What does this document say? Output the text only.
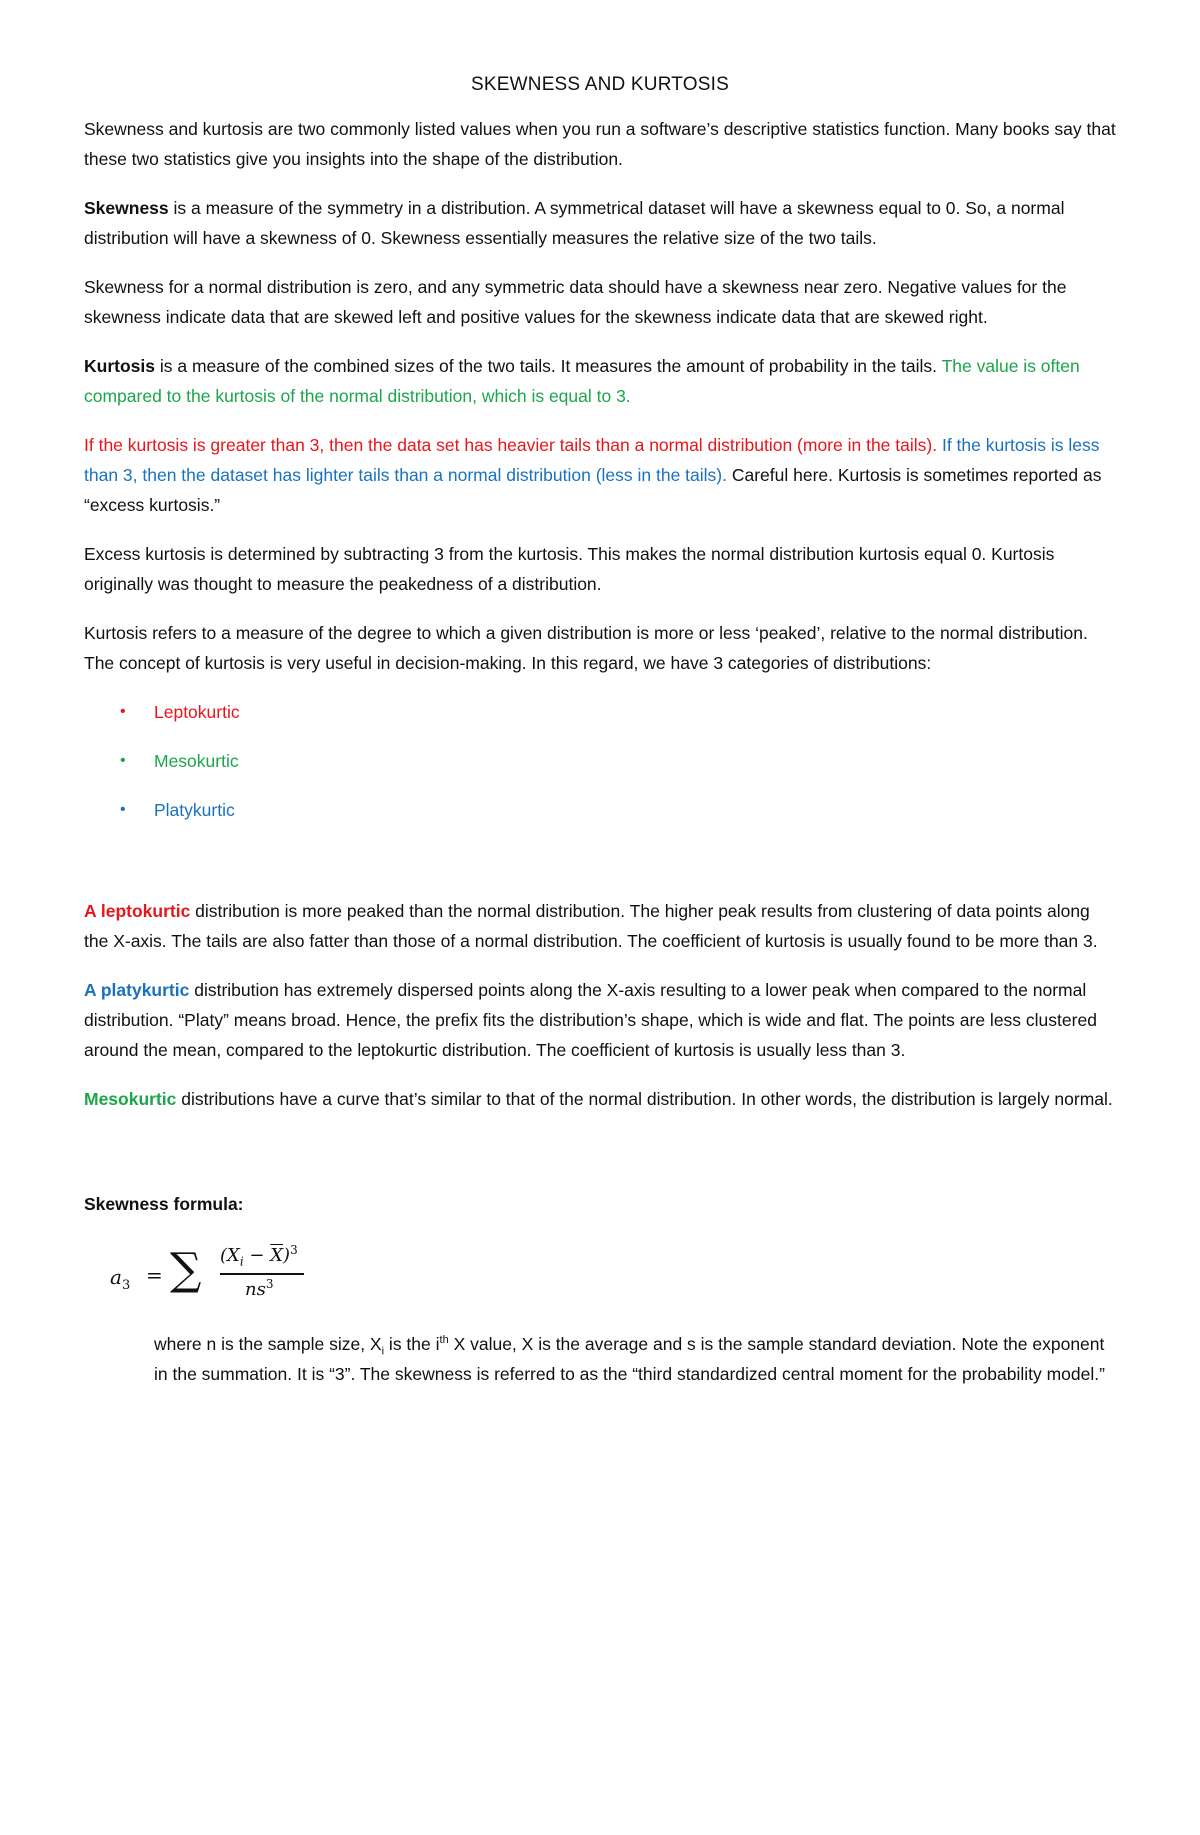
SKEWNESS AND KURTOSIS

Skewness and kurtosis are two commonly listed values when you run a software’s descriptive statistics function. Many books say that these two statistics give you insights into the shape of the distribution.

Skewness is a measure of the symmetry in a distribution. A symmetrical dataset will have a skewness equal to 0. So, a normal distribution will have a skewness of 0. Skewness essentially measures the relative size of the two tails.

Skewness for a normal distribution is zero, and any symmetric data should have a skewness near zero. Negative values for the skewness indicate data that are skewed left and positive values for the skewness indicate data that are skewed right.

Kurtosis is a measure of the combined sizes of the two tails. It measures the amount of probability in the tails. The value is often compared to the kurtosis of the normal distribution, which is equal to 3.

If the kurtosis is greater than 3, then the data set has heavier tails than a normal distribution (more in the tails). If the kurtosis is less than 3, then the dataset has lighter tails than a normal distribution (less in the tails). Careful here. Kurtosis is sometimes reported as “excess kurtosis.”

Excess kurtosis is determined by subtracting 3 from the kurtosis. This makes the normal distribution kurtosis equal 0. Kurtosis originally was thought to measure the peakedness of a distribution.

Kurtosis refers to a measure of the degree to which a given distribution is more or less ‘peaked’, relative to the normal distribution. The concept of kurtosis is very useful in decision-making. In this regard, we have 3 categories of distributions:

• Leptokurtic
• Mesokurtic
• Platykurtic

A leptokurtic distribution is more peaked than the normal distribution. The higher peak results from clustering of data points along the X-axis. The tails are also fatter than those of a normal distribution. The coefficient of kurtosis is usually found to be more than 3.

A platykurtic distribution has extremely dispersed points along the X-axis resulting to a lower peak when compared to the normal distribution. “Platy” means broad. Hence, the prefix fits the distribution’s shape, which is wide and flat. The points are less clustered around the mean, compared to the leptokurtic distribution. The coefficient of kurtosis is usually less than 3.

Mesokurtic distributions have a curve that’s similar to that of the normal distribution. In other words, the distribution is largely normal.

Skewness formula:

$a_3$ = ∑ $(X_i - \overline{X})^3$
$ns^3$

where n is the sample size, $X_i$ is the $i^{th}$ X value, X is the average and s is the sample standard deviation. Note the exponent in the summation. It is “3”. The skewness is referred to as the “third standardized central moment for the probability model.”
